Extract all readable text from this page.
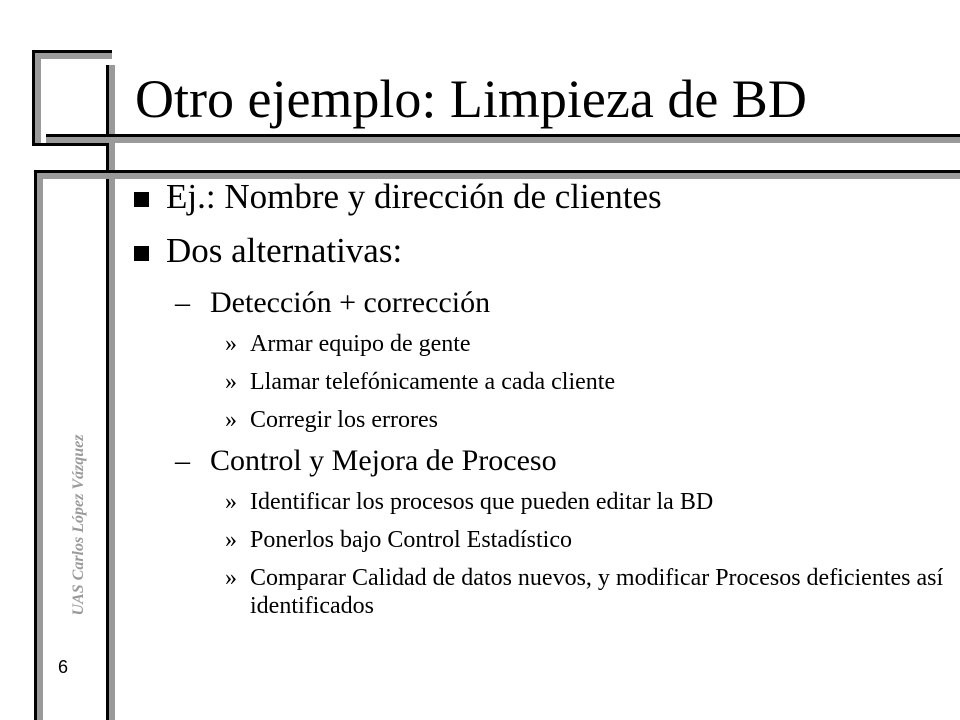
Otro ejemplo: Limpieza de BD
UAS Carlos López Vázquez
6
Ej.: Nombre y dirección de clientes
Dos alternativas:
– Detección + corrección
» Armar equipo de gente
» Llamar telefónicamente a cada cliente
» Corregir los errores
– Control y Mejora de Proceso
» Identificar los procesos que pueden editar la BD
» Ponerlos bajo Control Estadístico
» Comparar Calidad de datos nuevos, y modificar Procesos deficientes así identificados
